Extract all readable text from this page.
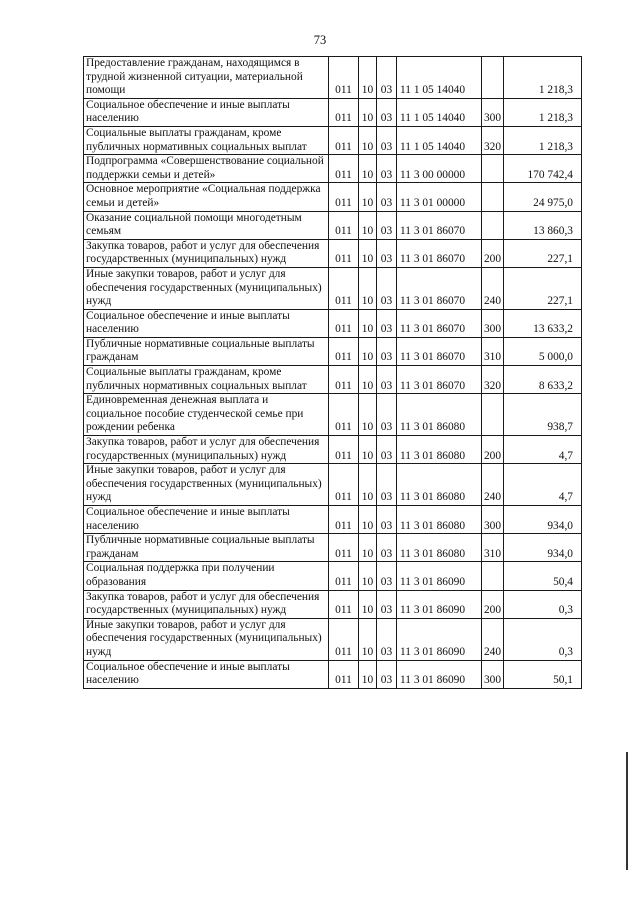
73
Предоставление гражданам, находящимся в трудной жизненной ситуации, материальной помощи	011	10	03	11 1 05 14040		1 218,3
Социальное обеспечение и иные выплаты населению	011	10	03	11 1 05 14040	300	1 218,3
Социальные выплаты гражданам, кроме публичных нормативных социальных выплат	011	10	03	11 1 05 14040	320	1 218,3
Подпрограмма «Совершенствование социальной поддержки семьи и детей»	011	10	03	11 3 00 00000		170 742,4
Основное мероприятие «Социальная поддержка семьи и детей»	011	10	03	11 3 01 00000		24 975,0
Оказание социальной помощи многодетным семьям	011	10	03	11 3 01 86070		13 860,3
Закупка товаров, работ и услуг для обеспечения государственных (муниципальных) нужд	011	10	03	11 3 01 86070	200	227,1
Иные закупки товаров, работ и услуг для обеспечения государственных (муниципальных) нужд	011	10	03	11 3 01 86070	240	227,1
Социальное обеспечение и иные выплаты населению	011	10	03	11 3 01 86070	300	13 633,2
Публичные нормативные социальные выплаты гражданам	011	10	03	11 3 01 86070	310	5 000,0
Социальные выплаты гражданам, кроме публичных нормативных социальных выплат	011	10	03	11 3 01 86070	320	8 633,2
Единовременная денежная выплата и социальное пособие студенческой семье при рождении ребенка	011	10	03	11 3 01 86080		938,7
Закупка товаров, работ и услуг для обеспечения государственных (муниципальных) нужд	011	10	03	11 3 01 86080	200	4,7
Иные закупки товаров, работ и услуг для обеспечения государственных (муниципальных) нужд	011	10	03	11 3 01 86080	240	4,7
Социальное обеспечение и иные выплаты населению	011	10	03	11 3 01 86080	300	934,0
Публичные нормативные социальные выплаты гражданам	011	10	03	11 3 01 86080	310	934,0
Социальная поддержка при получении образования	011	10	03	11 3 01 86090		50,4
Закупка товаров, работ и услуг для обеспечения государственных (муниципальных) нужд	011	10	03	11 3 01 86090	200	0,3
Иные закупки товаров, работ и услуг для обеспечения государственных (муниципальных) нужд	011	10	03	11 3 01 86090	240	0,3
Социальное обеспечение и иные выплаты населению	011	10	03	11 3 01 86090	300	50,1
